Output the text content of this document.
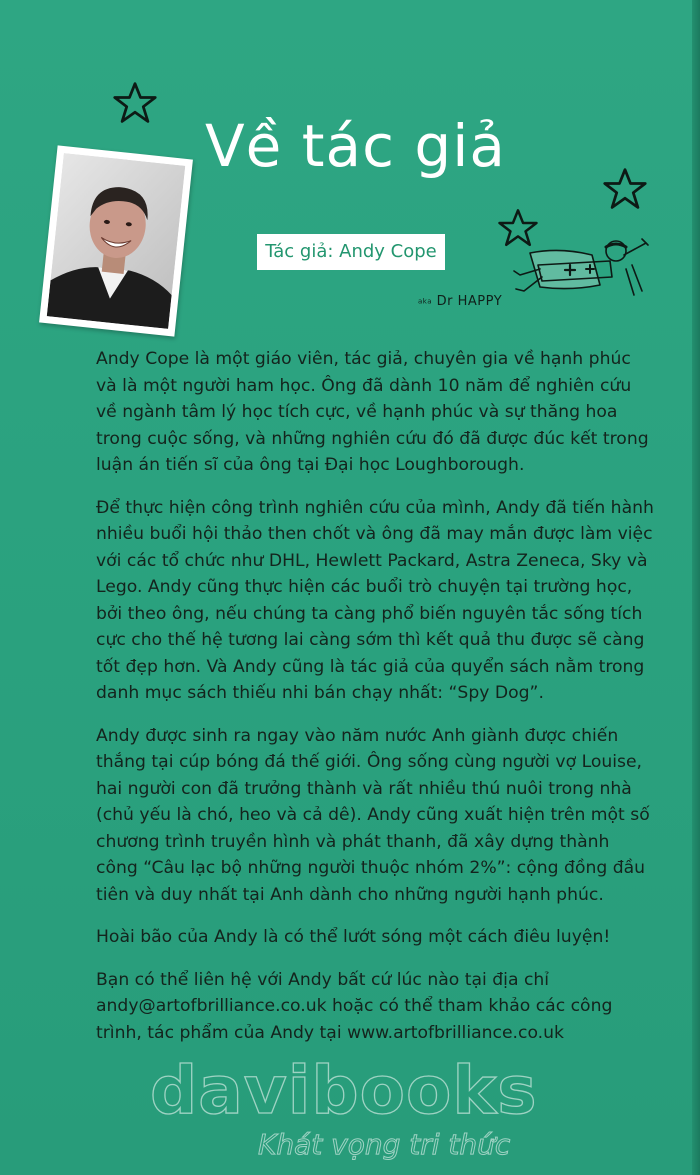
Về tác giả
Tác giả: Andy Cope
aka Dr HAPPY

Andy Cope là một giáo viên, tác giả, chuyên gia về hạnh phúc và là một người ham học. Ông đã dành 10 năm để nghiên cứu về ngành tâm lý học tích cực, về hạnh phúc và sự thăng hoa trong cuộc sống, và những nghiên cứu đó đã được đúc kết trong luận án tiến sĩ của ông tại Đại học Loughborough.

Để thực hiện công trình nghiên cứu của mình, Andy đã tiến hành nhiều buổi hội thảo then chốt và ông đã may mắn được làm việc với các tổ chức như DHL, Hewlett Packard, Astra Zeneca, Sky và Lego. Andy cũng thực hiện các buổi trò chuyện tại trường học, bởi theo ông, nếu chúng ta càng phổ biến nguyên tắc sống tích cực cho thế hệ tương lai càng sớm thì kết quả thu được sẽ càng tốt đẹp hơn. Và Andy cũng là tác giả của quyển sách nằm trong danh mục sách thiếu nhi bán chạy nhất: “Spy Dog”.

Andy được sinh ra ngay vào năm nước Anh giành được chiến thắng tại cúp bóng đá thế giới. Ông sống cùng người vợ Louise, hai người con đã trưởng thành và rất nhiều thú nuôi trong nhà (chủ yếu là chó, heo và cả dê). Andy cũng xuất hiện trên một số chương trình truyền hình và phát thanh, đã xây dựng thành công “Câu lạc bộ những người thuộc nhóm 2%”: cộng đồng đầu tiên và duy nhất tại Anh dành cho những người hạnh phúc.

Hoài bão của Andy là có thể lướt sóng một cách điêu luyện!

Bạn có thể liên hệ với Andy bất cứ lúc nào tại địa chỉ andy@artofbrilliance.co.uk hoặc có thể tham khảo các công trình, tác phẩm của Andy tại www.artofbrilliance.co.uk

davibooks
Khát vọng tri thức
